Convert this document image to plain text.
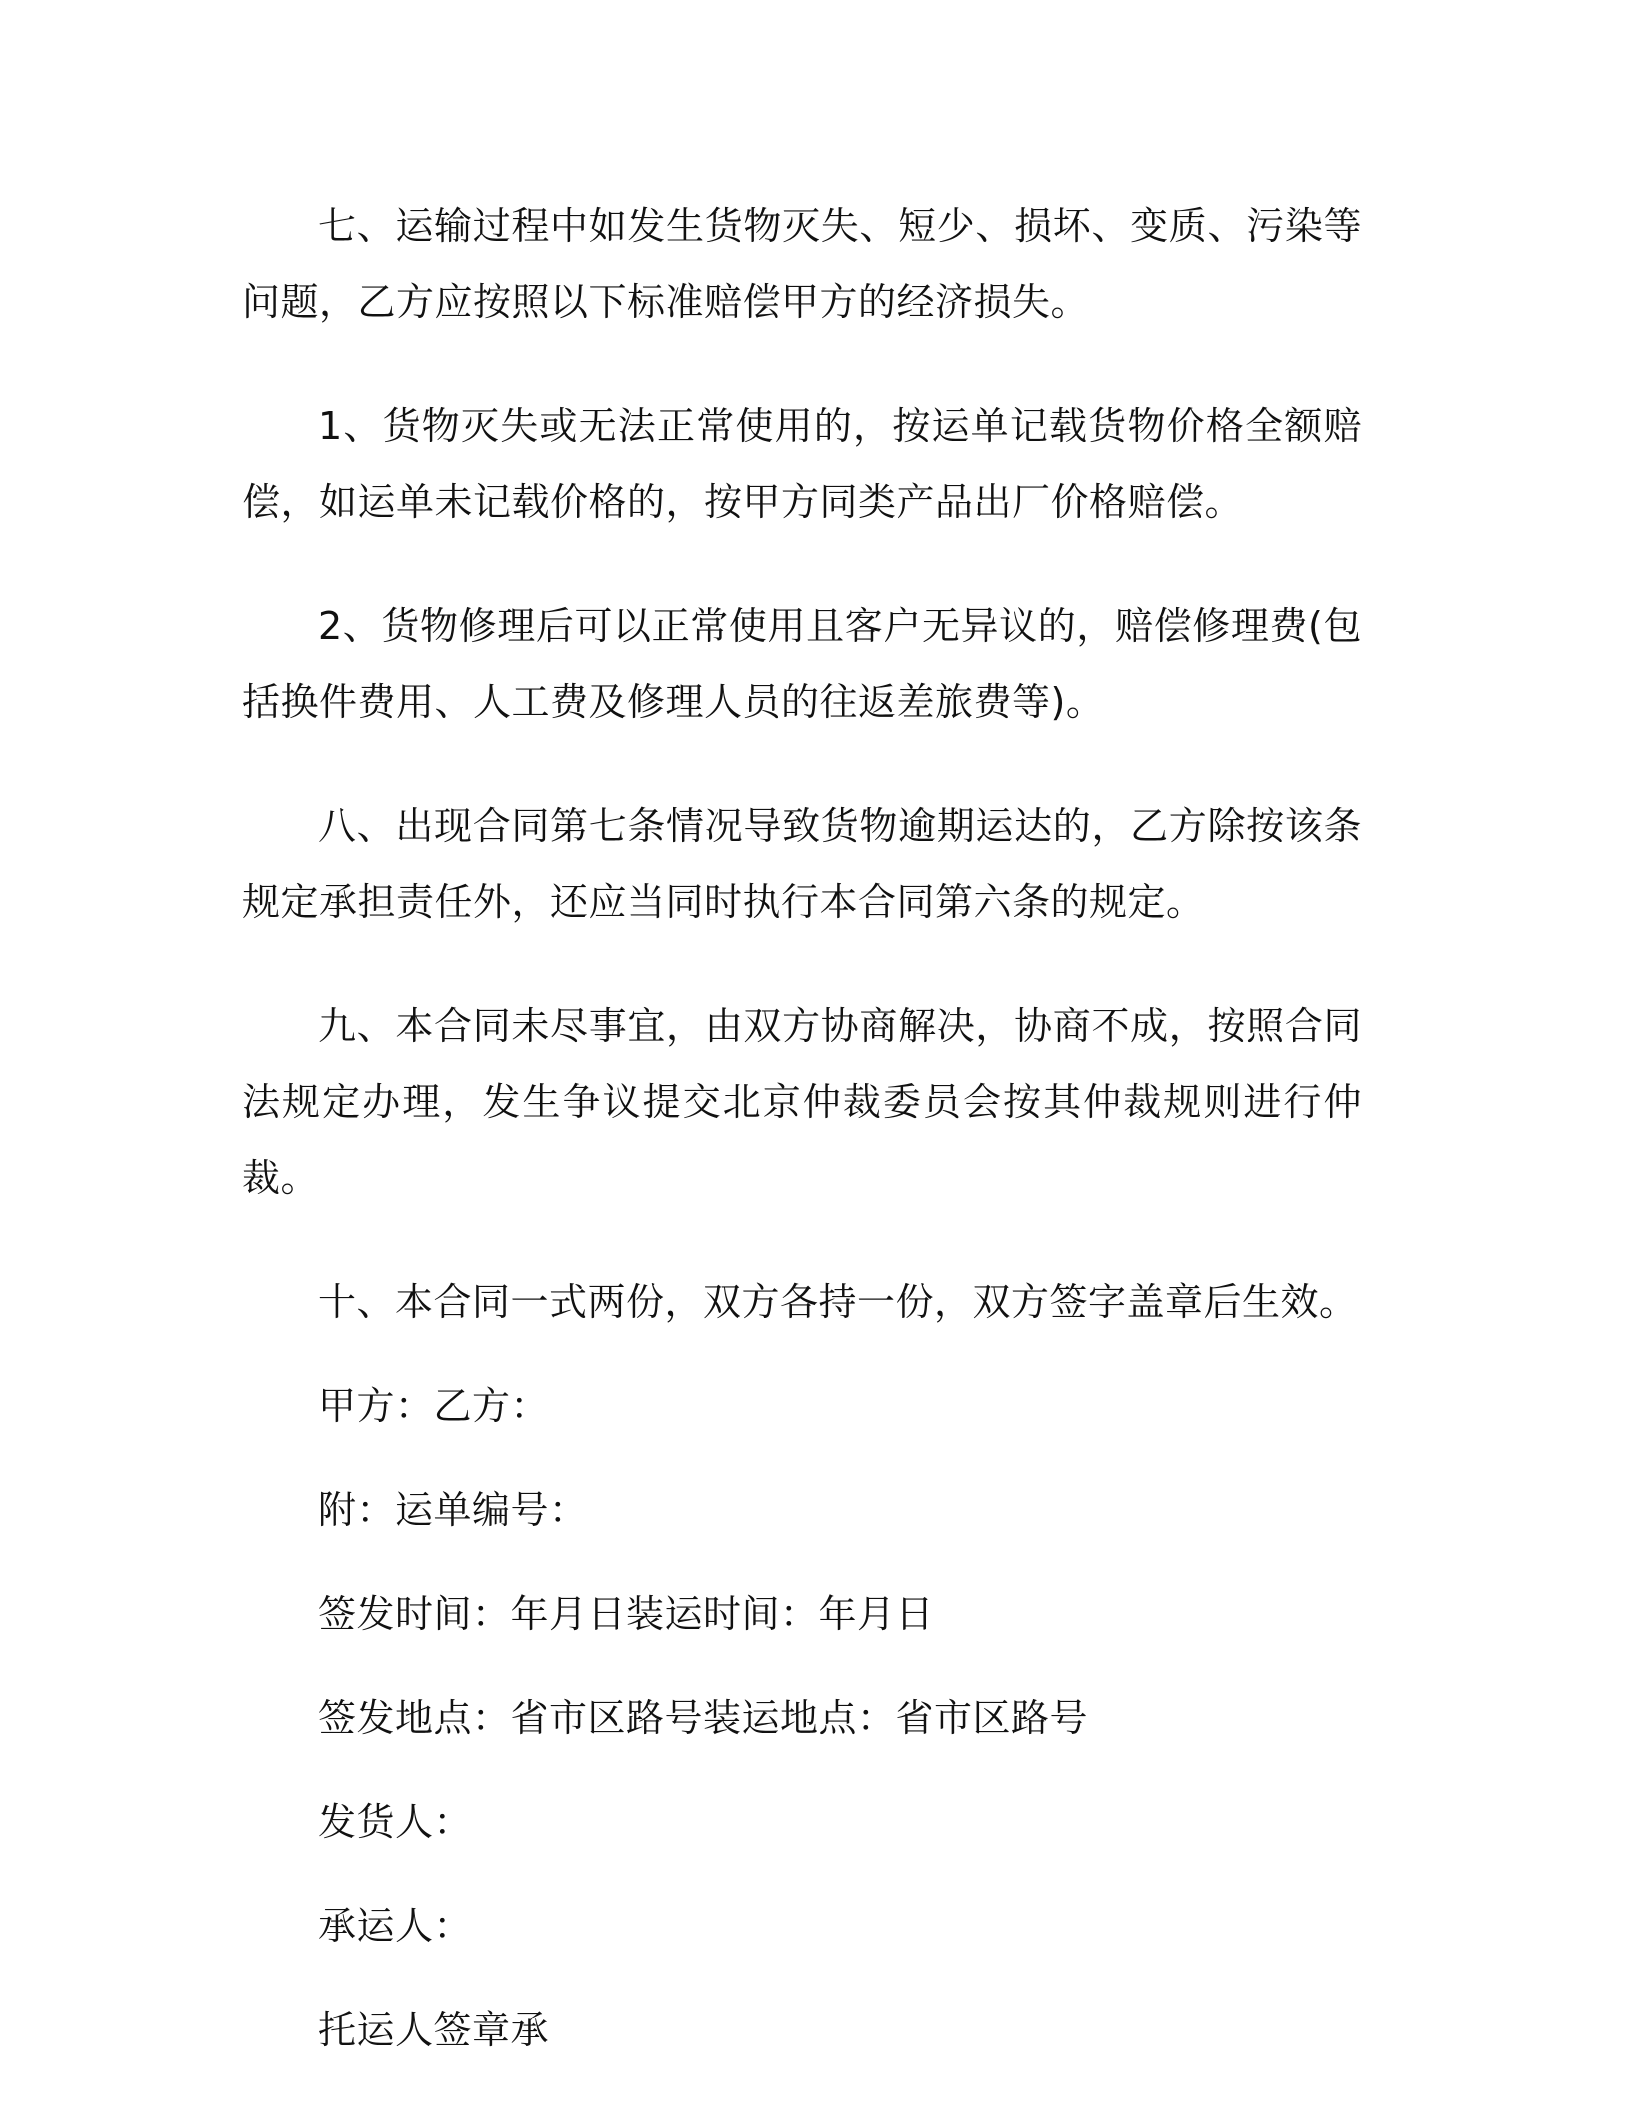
七、运输过程中如发生货物灭失、短少、损坏、变质、污染等问题，乙方应按照以下标准赔偿甲方的经济损失。

1、货物灭失或无法正常使用的，按运单记载货物价格全额赔偿，如运单未记载价格的，按甲方同类产品出厂价格赔偿。

2、货物修理后可以正常使用且客户无异议的，赔偿修理费(包括换件费用、人工费及修理人员的往返差旅费等)。

八、出现合同第七条情况导致货物逾期运达的，乙方除按该条规定承担责任外，还应当同时执行本合同第六条的规定。

九、本合同未尽事宜，由双方协商解决，协商不成，按照合同法规定办理，发生争议提交北京仲裁委员会按其仲裁规则进行仲裁。

十、本合同一式两份，双方各持一份，双方签字盖章后生效。

甲方：乙方：

附：运单编号：

签发时间：年月日装运时间：年月日

签发地点：省市区路号装运地点：省市区路号

发货人：

承运人：

托运人签章承
